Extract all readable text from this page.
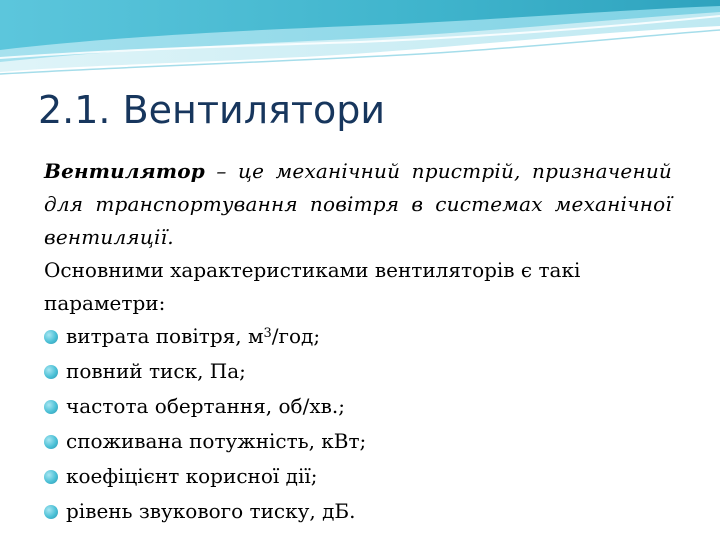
2.1. Вентилятори

Вентилятор – це механічний пристрій, призначений для транспортування повітря в системах механічної вентиляції.

Основними характеристиками вентиляторів є такі параметри:

витрата повітря, $м^3$/год;
повний тиск, Па;
частота обертання, об/хв.;
споживана потужність, кВт;
коефіцієнт корисної дії;
рівень звукового тиску, дБ.
